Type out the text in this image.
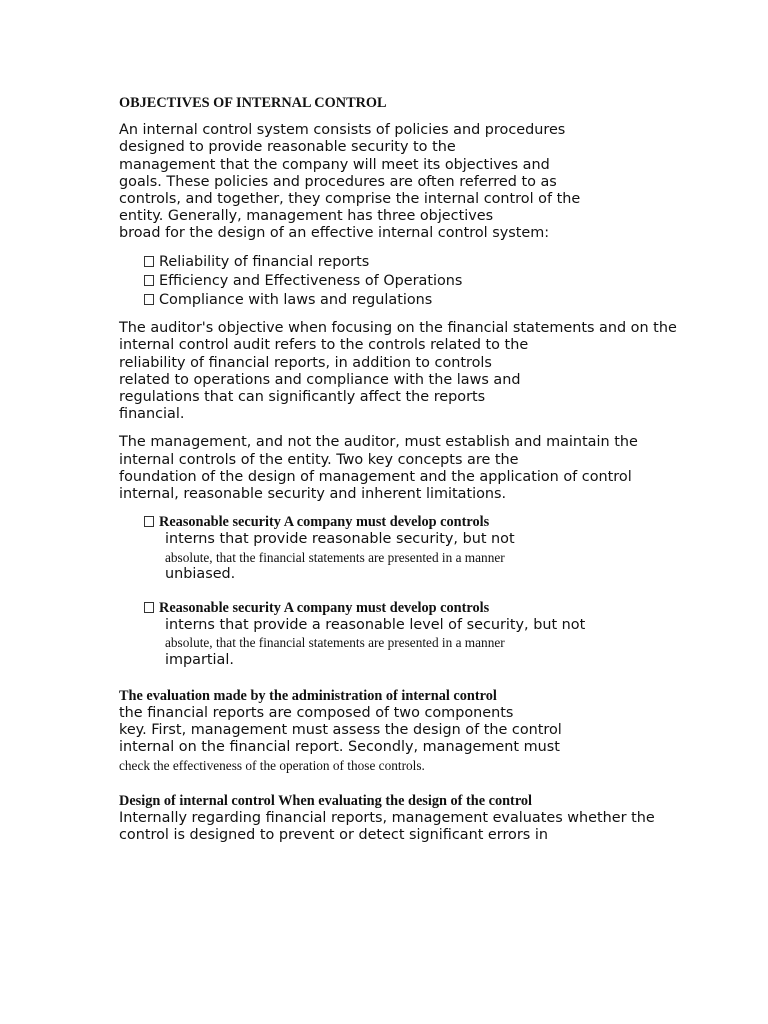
OBJECTIVES OF INTERNAL CONTROL
An internal control system consists of policies and procedures
designed to provide reasonable security to the
management that the company will meet its objectives and
goals. These policies and procedures are often referred to as
controls, and together, they comprise the internal control of the
entity. Generally, management has three objectives
broad for the design of an effective internal control system:
Reliability of financial reports
Efficiency and Effectiveness of Operations
Compliance with laws and regulations
The auditor's objective when focusing on the financial statements and on the
internal control audit refers to the controls related to the
reliability of financial reports, in addition to controls
related to operations and compliance with the laws and
regulations that can significantly affect the reports
financial.
The management, and not the auditor, must establish and maintain the
internal controls of the entity. Two key concepts are the
foundation of the design of management and the application of control
internal, reasonable security and inherent limitations.
Reasonable security A company must develop controls
interns that provide reasonable security, but not
absolute, that the financial statements are presented in a manner
unbiased.
Reasonable security A company must develop controls
interns that provide a reasonable level of security, but not
absolute, that the financial statements are presented in a manner
impartial.
The evaluation made by the administration of internal control
the financial reports are composed of two components
key. First, management must assess the design of the control
internal on the financial report. Secondly, management must
check the effectiveness of the operation of those controls.
Design of internal control When evaluating the design of the control
Internally regarding financial reports, management evaluates whether the
control is designed to prevent or detect significant errors in
